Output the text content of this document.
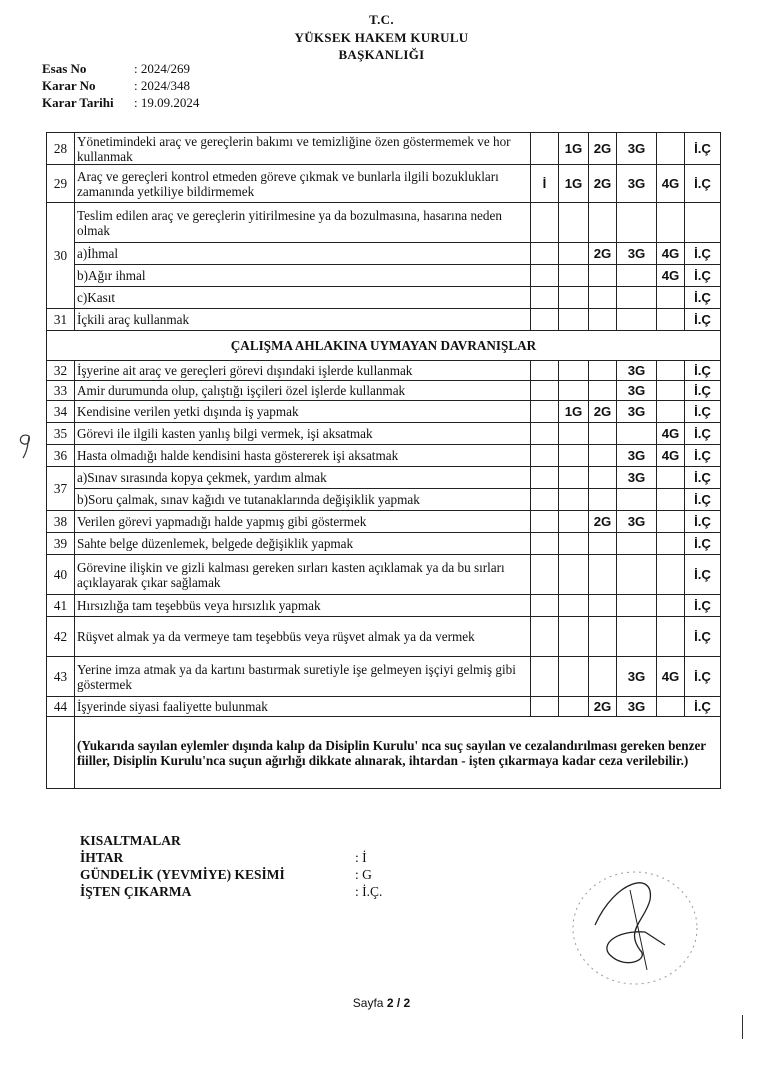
T.C.
YÜKSEK HAKEM KURULU
BAŞKANLIĞI
Esas No	: 2024/269
Karar No	: 2024/348
Karar Tarihi	: 19.09.2024
28	Yönetimindeki araç ve gereçlerin bakımı ve temizliğine özen göstermemek ve hor kullanmak		1G	2G	3G		İ.Ç
29	Araç ve gereçleri kontrol etmeden göreve çıkmak ve bunlarla ilgili bozuklukları zamanında yetkiliye bildirmemek	İ	1G	2G	3G	4G	İ.Ç
30	Teslim edilen araç ve gereçlerin yitirilmesine ya da bozulmasına, hasarına neden olmak						
	a)İhmal			2G	3G	4G	İ.Ç
	b)Ağır ihmal					4G	İ.Ç
	c)Kasıt						İ.Ç
31	İçkili araç kullanmak						İ.Ç
ÇALIŞMA AHLAKINA UYMAYAN DAVRANIŞLAR							
32	İşyerine ait araç ve gereçleri görevi dışındaki işlerde kullanmak				3G		İ.Ç
33	Amir durumunda olup, çalıştığı işçileri özel işlerde kullanmak				3G		İ.Ç
34	Kendisine verilen yetki dışında iş yapmak		1G	2G	3G		İ.Ç
35	Görevi ile ilgili kasten yanlış bilgi vermek, işi aksatmak					4G	İ.Ç
36	Hasta olmadığı halde kendisini hasta göstererek işi aksatmak				3G	4G	İ.Ç
37	a)Sınav sırasında kopya çekmek, yardım almak				3G		İ.Ç
	b)Soru çalmak, sınav kağıdı ve tutanaklarında değişiklik yapmak						İ.Ç
38	Verilen görevi yapmadığı halde yapmış gibi göstermek			2G	3G		İ.Ç
39	Sahte belge düzenlemek, belgede değişiklik yapmak						İ.Ç
40	Görevine ilişkin ve gizli kalması gereken sırları kasten açıklamak ya da bu sırları açıklayarak çıkar sağlamak						İ.Ç
41	Hırsızlığa tam teşebbüs veya hırsızlık yapmak						İ.Ç
42	Rüşvet almak ya da vermeye tam teşebbüs veya rüşvet almak ya da vermek						İ.Ç
43	Yerine imza atmak ya da kartını bastırmak suretiyle işe gelmeyen işçiyi gelmiş gibi göstermek				3G	4G	İ.Ç
44	İşyerinde siyasi faaliyette bulunmak			2G	3G		İ.Ç
	(Yukarıda sayılan eylemler dışında kalıp da Disiplin Kurulu' nca suç sayılan ve cezalandırılması gereken benzer fiiller, Disiplin Kurulu'nca suçun ağırlığı dikkate alınarak, ihtardan - işten çıkarmaya kadar ceza verilebilir.)						
KISALTMALAR
İHTAR	: İ
GÜNDELİK (YEVMİYE) KESİMİ	: G
İŞTEN ÇIKARMA	: İ.Ç.
Sayfa 2 / 2
